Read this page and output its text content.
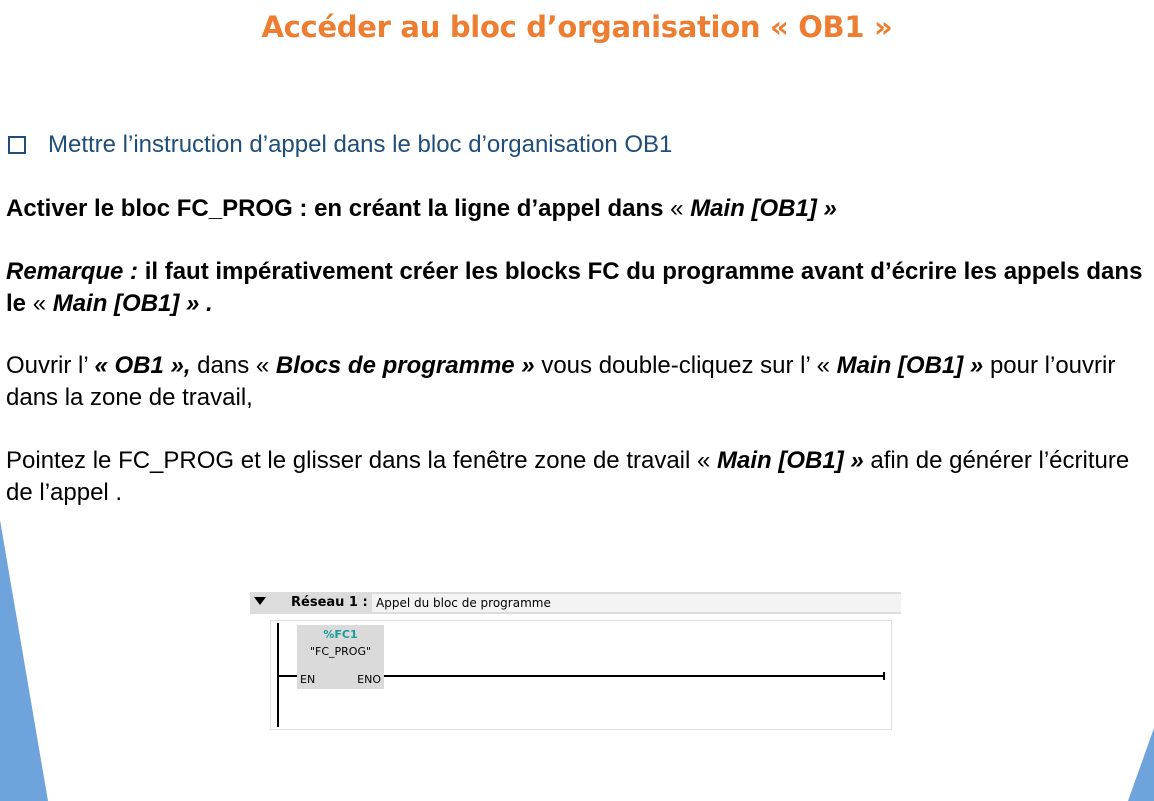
Accéder au bloc d’organisation « OB1 »
Mettre l’instruction d’appel dans le bloc d’organisation OB1
Activer le bloc FC_PROG : en créant la ligne d’appel dans « Main [OB1] »
Remarque : il faut impérativement créer les blocks FC du programme avant d’écrire les appels dans le « Main [OB1] » .
Ouvrir l’ « OB1 », dans « Blocs de programme » vous double-cliquez sur l’ « Main [OB1] » pour l’ouvrir dans la zone de travail,
Pointez le FC_PROG et le glisser dans la fenêtre zone de travail « Main [OB1] » afin de générer l’écriture de l’appel .
Réseau 1 : Appel du bloc de programme
%FC1
"FC_PROG"
EN	ENO
